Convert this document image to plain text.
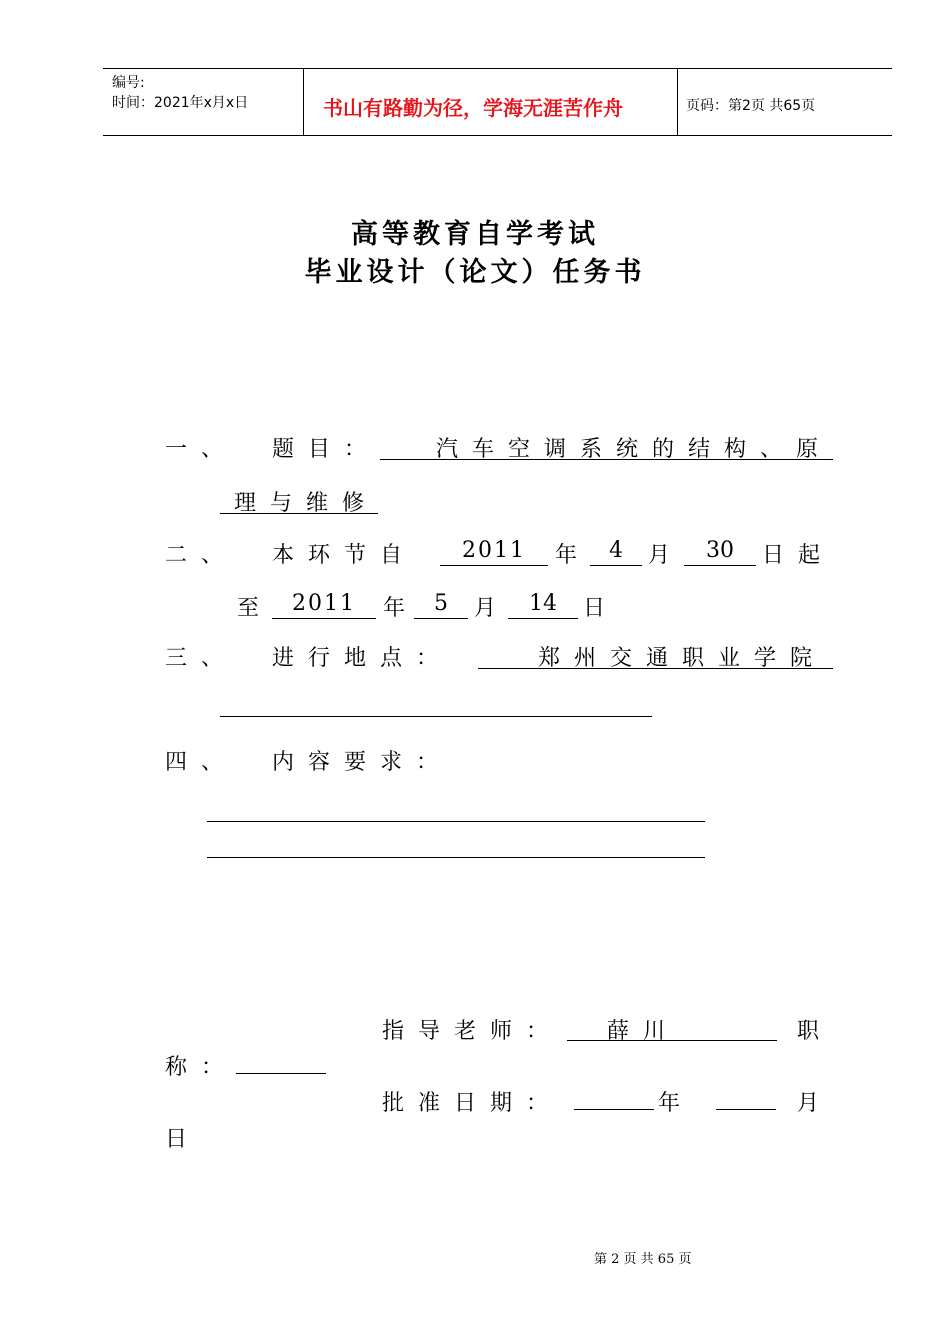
编号:
时间：2021年x月x日	书山有路勤为径，学海无涯苦作舟	页码：第2页 共65页
高等教育自学考试
毕业设计（论文）任务书
一、 题目：	汽车空调系统的结构、原
理与维修
二、 本环节自	2011	年	4	月	30	日起
至	2011	年	5	月	14	日
三、 进行地点：	郑州交通职业学院
四、 内容要求：
指导老师： 薛川	职
称：
批准日期：	年	月
日
第 2 页 共 65 页
